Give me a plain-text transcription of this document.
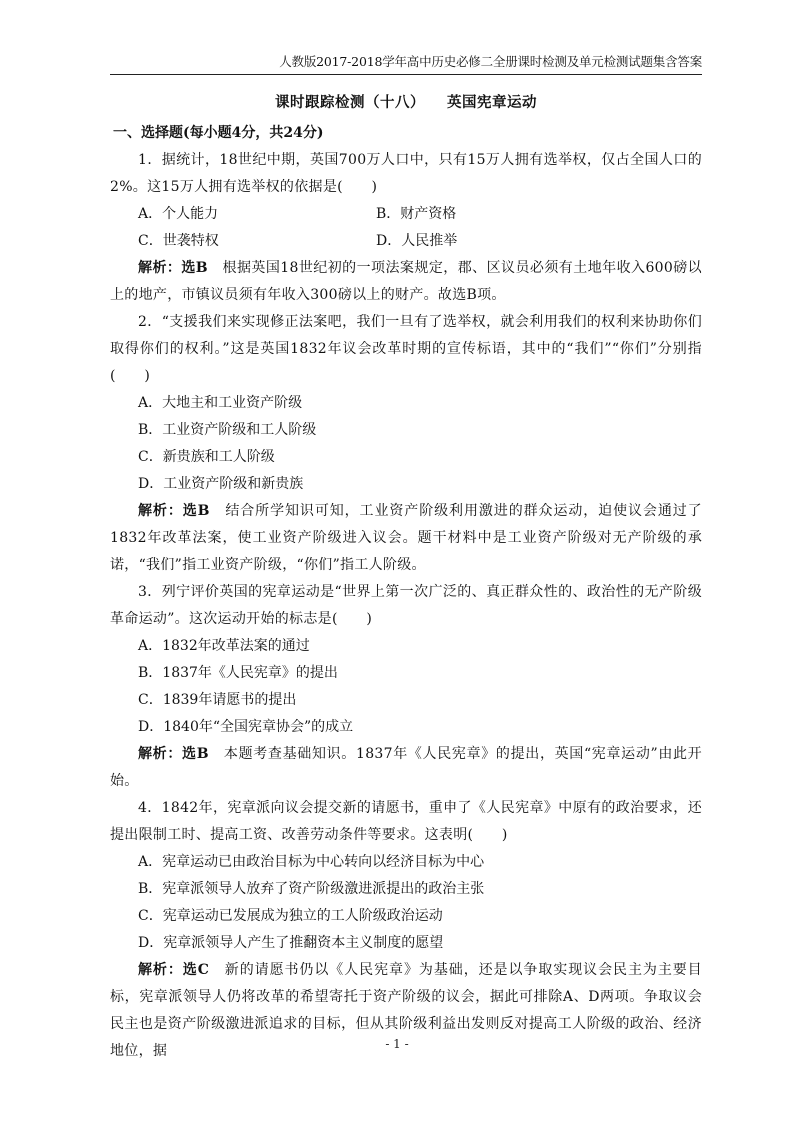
人教版2017-2018学年高中历史必修二全册课时检测及单元检测试题集含答案
课时跟踪检测（十八） 英国宪章运动
一、选择题(每小题4分，共24分)

1．据统计，18世纪中期，英国700万人口中，只有15万人拥有选举权，仅占全国人口的2%。这15万人拥有选举权的依据是(　　)

A．个人能力	B．财产资格
C．世袭特权	D．人民推举

解析：选B　 根据英国18世纪初的一项法案规定，郡、区议员必须有土地年收入600磅以上的地产，市镇议员须有年收入300磅以上的财产。故选B项。

2．“支援我们来实现修正法案吧，我们一旦有了选举权，就会利用我们的权利来协助你们取得你们的权利。”这是英国1832年议会改革时期的宣传标语，其中的“我们”“你们”分别指(　　)

A．大地主和工业资产阶级

B．工业资产阶级和工人阶级

C．新贵族和工人阶级

D．工业资产阶级和新贵族

解析：选B　 结合所学知识可知，工业资产阶级利用激进的群众运动，迫使议会通过了1832年改革法案，使工业资产阶级进入议会。题干材料中是工业资产阶级对无产阶级的承诺，“我们”指工业资产阶级，“你们”指工人阶级。

3．列宁评价英国的宪章运动是“世界上第一次广泛的、真正群众性的、政治性的无产阶级革命运动”。这次运动开始的标志是(　　)

A．1832年改革法案的通过

B．1837年《人民宪章》的提出

C．1839年请愿书的提出

D．1840年“全国宪章协会”的成立

解析：选B　 本题考查基础知识。1837年《人民宪章》的提出，英国“宪章运动”由此开始。

4．1842年，宪章派向议会提交新的请愿书，重申了《人民宪章》中原有的政治要求，还提出限制工时、提高工资、改善劳动条件等要求。这表明(　　)

A．宪章运动已由政治目标为中心转向以经济目标为中心

B．宪章派领导人放弃了资产阶级激进派提出的政治主张

C．宪章运动已发展成为独立的工人阶级政治运动

D．宪章派领导人产生了推翻资本主义制度的愿望

解析：选C　 新的请愿书仍以《人民宪章》为基础，还是以争取实现议会民主为主要目标，宪章派领导人仍将改革的希望寄托于资产阶级的议会，据此可排除A、D两项。争取议会民主也是资产阶级激进派追求的目标，但从其阶级利益出发则反对提高工人阶级的政治、经济地位，据	- 1 -
